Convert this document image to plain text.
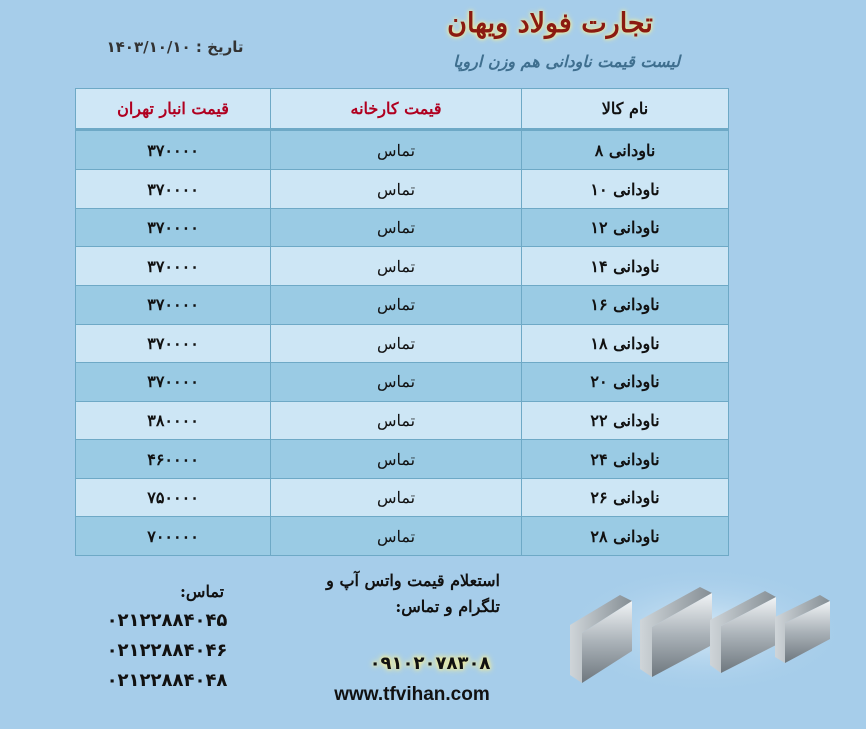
تجارت فولاد ویهان
لیست قیمت ناودانی هم وزن اروپا
تاریخ : ۱۴۰۳/۱۰/۱۰
نام کالا	قیمت کارخانه	قیمت انبار تهران
ناودانی ۸	تماس	۳۷۰۰۰۰
ناودانی ۱۰	تماس	۳۷۰۰۰۰
ناودانی ۱۲	تماس	۳۷۰۰۰۰
ناودانی ۱۴	تماس	۳۷۰۰۰۰
ناودانی ۱۶	تماس	۳۷۰۰۰۰
ناودانی ۱۸	تماس	۳۷۰۰۰۰
ناودانی ۲۰	تماس	۳۷۰۰۰۰
ناودانی ۲۲	تماس	۳۸۰۰۰۰
ناودانی ۲۴	تماس	۴۶۰۰۰۰
ناودانی ۲۶	تماس	۷۵۰۰۰۰
ناودانی ۲۸	تماس	۷۰۰۰۰۰
تماس:
۰۲۱۲۲۸۸۴۰۴۵
۰۲۱۲۲۸۸۴۰۴۶
۰۲۱۲۲۸۸۴۰۴۸
استعلام قیمت واتس آپ و
تلگرام و تماس:
۰۹۱۰۲۰۷۸۳۰۸
www.tfvihan.com
